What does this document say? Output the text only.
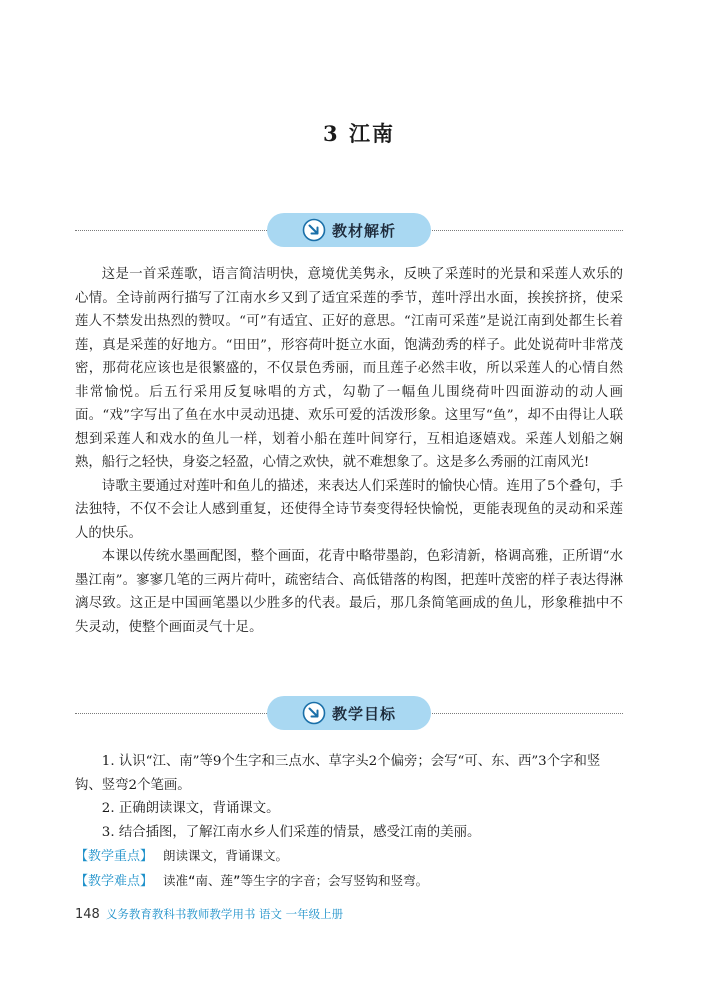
3 江南
教材解析

这是一首采莲歌，语言简洁明快，意境优美隽永，反映了采莲时的光景和采莲人欢乐的心情。全诗前两行描写了江南水乡又到了适宜采莲的季节，莲叶浮出水面，挨挨挤挤，使采莲人不禁发出热烈的赞叹。“可”有适宜、正好的意思。“江南可采莲”是说江南到处都生长着莲，真是采莲的好地方。“田田”，形容荷叶挺立水面，饱满劲秀的样子。此处说荷叶非常茂密，那荷花应该也是很繁盛的，不仅景色秀丽，而且莲子必然丰收，所以采莲人的心情自然非常愉悦。后五行采用反复咏唱的方式，勾勒了一幅鱼儿围绕荷叶四面游动的动人画面。“戏”字写出了鱼在水中灵动迅捷、欢乐可爱的活泼形象。这里写“鱼”，却不由得让人联想到采莲人和戏水的鱼儿一样，划着小船在莲叶间穿行，互相追逐嬉戏。采莲人划船之娴熟，船行之轻快，身姿之轻盈，心情之欢快，就不难想象了。这是多么秀丽的江南风光!

诗歌主要通过对莲叶和鱼儿的描述，来表达人们采莲时的愉快心情。连用了5个叠句，手法独特，不仅不会让人感到重复，还使得全诗节奏变得轻快愉悦，更能表现鱼的灵动和采莲人的快乐。

本课以传统水墨画配图，整个画面，花青中略带墨韵，色彩清新，格调高雅，正所谓“水墨江南”。寥寥几笔的三两片荷叶，疏密结合、高低错落的构图，把莲叶茂密的样子表达得淋漓尽致。这正是中国画笔墨以少胜多的代表。最后，那几条简笔画成的鱼儿，形象稚拙中不失灵动，使整个画面灵气十足。

教学目标

1. 认识“江、南”等9个生字和三点水、草字头2个偏旁；会写“可、东、西”3个字和竖钩、竖弯2个笔画。

2. 正确朗读课文，背诵课文。

3. 结合插图，了解江南水乡人们采莲的情景，感受江南的美丽。

【教学重点】 朗读课文，背诵课文。
【教学难点】 读准“南、莲”等生字的字音；会写竖钩和竖弯。
148 义务教育教科书教师教学用书 语文 一年级上册
